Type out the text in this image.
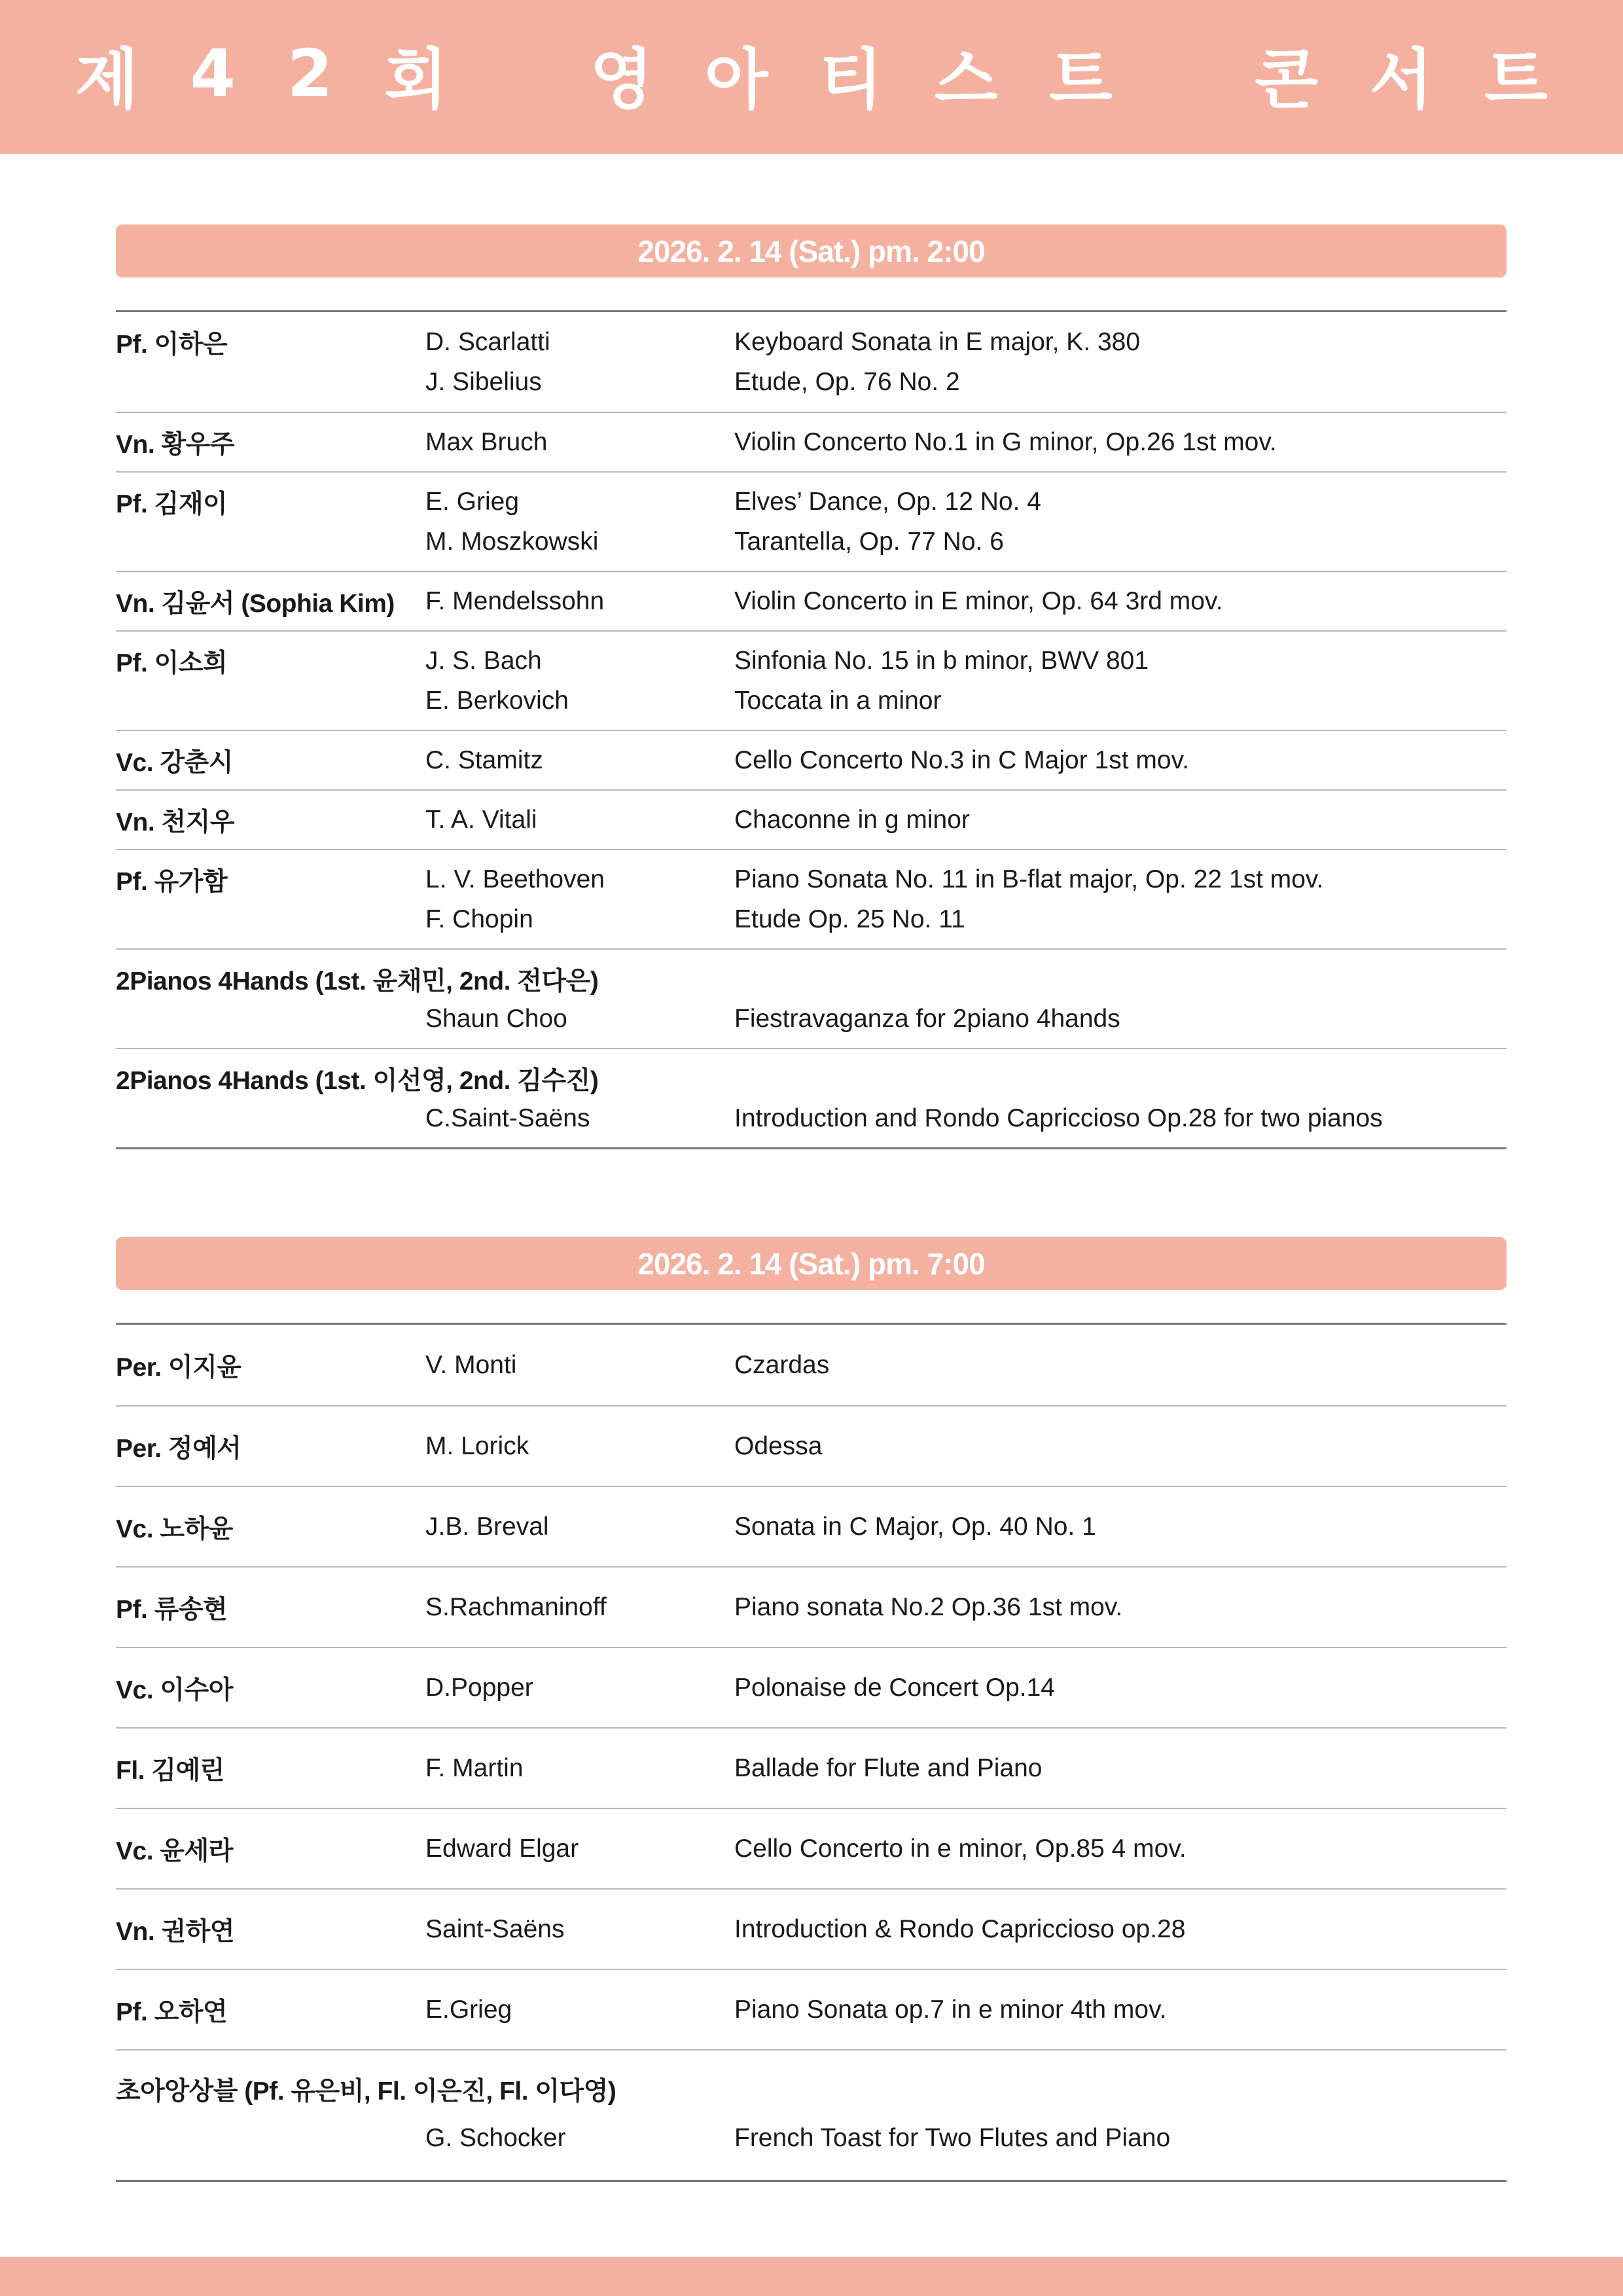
제 4 2 회 영 아 티 스 트 콘 서 트
2026. 2. 14 (Sat.) pm. 2:00
Pf. 이하은	D. Scarlatti	Keyboard Sonata in E major, K. 380
J. Sibelius	Etude, Op. 76 No. 2
Vn. 황우주	Max Bruch	Violin Concerto No.1 in G minor, Op.26 1st mov.
Pf. 김재이	E. Grieg	Elves’ Dance, Op. 12 No. 4
M. Moszkowski	Tarantella, Op. 77 No. 6
Vn. 김윤서 (Sophia Kim)	F. Mendelssohn	Violin Concerto in E minor, Op. 64 3rd mov.
Pf. 이소희	J. S. Bach	Sinfonia No. 15 in b minor, BWV 801
E. Berkovich	Toccata in a minor
Vc. 강춘시	C. Stamitz	Cello Concerto No.3 in C Major 1st mov.
Vn. 천지우	T. A. Vitali	Chaconne in g minor
Pf. 유가함	L. V. Beethoven	Piano Sonata No. 11 in B-flat major, Op. 22 1st mov.
F. Chopin	Etude Op. 25 No. 11
2Pianos 4Hands (1st. 윤채민, 2nd. 전다은)
Shaun Choo	Fiestravaganza for 2piano 4hands
2Pianos 4Hands (1st. 이선영, 2nd. 김수진)
C.Saint-Saëns	Introduction and Rondo Capriccioso Op.28 for two pianos
2026. 2. 14 (Sat.) pm. 7:00
Per. 이지윤	V. Monti	Czardas
Per. 정예서	M. Lorick	Odessa
Vc. 노하윤	J.B. Breval	Sonata in C Major, Op. 40 No. 1
Pf. 류송현	S.Rachmaninoff	Piano sonata No.2 Op.36 1st mov.
Vc. 이수아	D.Popper	Polonaise de Concert Op.14
Fl. 김예린	F. Martin	Ballade for Flute and Piano
Vc. 윤세라	Edward Elgar	Cello Concerto in e minor, Op.85 4 mov.
Vn. 권하연	Saint-Saëns	Introduction & Rondo Capriccioso op.28
Pf. 오하연	E.Grieg	Piano Sonata op.7 in e minor 4th mov.
초아앙상블 (Pf. 유은비, Fl. 이은진, Fl. 이다영)
G. Schocker	French Toast for Two Flutes and Piano
